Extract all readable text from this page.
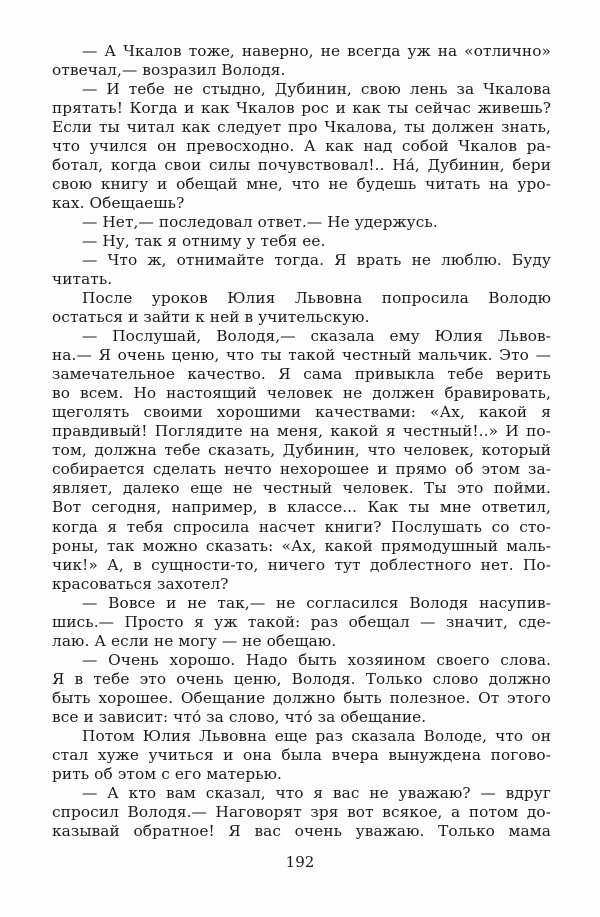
— А Чкалов тоже, наверно, не всегда уж на «отлично»
отвечал,— возразил Володя.
— И тебе не стыдно, Дубинин, свою лень за Чкалова
прятать! Когда и как Чкалов рос и как ты сейчас живешь?
Если ты читал как следует про Чкалова, ты должен знать,
что учился он превосходно. А как над собой Чкалов ра-
ботал, когда свои силы почувствовал!.. На́, Дубинин, бери
свою книгу и обещай мне, что не будешь читать на уро-
ках. Обещаешь?
— Нет,— последовал ответ.— Не удержусь.
— Ну, так я отниму у тебя ее.
— Что ж, отнимайте тогда. Я врать не люблю. Буду
читать.
После уроков Юлия Львовна попросила Володю
остаться и зайти к ней в учительскую.
— Послушай, Володя,— сказала ему Юлия Львов-
на.— Я очень ценю, что ты такой честный мальчик. Это —
замечательное качество. Я сама привыкла тебе верить
во всем. Но настоящий человек не должен бравировать,
щеголять своими хорошими качествами: «Ах, какой я
правдивый! Поглядите на меня, какой я честный!..» И по-
том, должна тебе сказать, Дубинин, что человек, который
собирается сделать нечто нехорошее и прямо об этом за-
являет, далеко еще не честный человек. Ты это пойми.
Вот сегодня, например, в классе... Как ты мне ответил,
когда я тебя спросила насчет книги? Послушать со сто-
роны, так можно сказать: «Ах, какой прямодушный маль-
чик!» А, в сущности-то, ничего тут доблестного нет. По-
красоваться захотел?
— Вовсе и не так,— не согласился Володя насупив-
шись.— Просто я уж такой: раз обещал — значит, сде-
лаю. А если не могу — не обещаю.
— Очень хорошо. Надо быть хозяином своего слова.
Я в тебе это очень ценю, Володя. Только слово должно
быть хорошее. Обещание должно быть полезное. От этого
все и зависит: что́ за слово, что́ за обещание.
Потом Юлия Львовна еще раз сказала Володе, что он
стал хуже учиться и она была вчера вынуждена погово-
рить об этом с его матерью.
— А кто вам сказал, что я вас не уважаю? — вдруг
спросил Володя.— Наговорят зря вот всякое, а потом до-
казывай обратное! Я вас очень уважаю. Только мама
192
